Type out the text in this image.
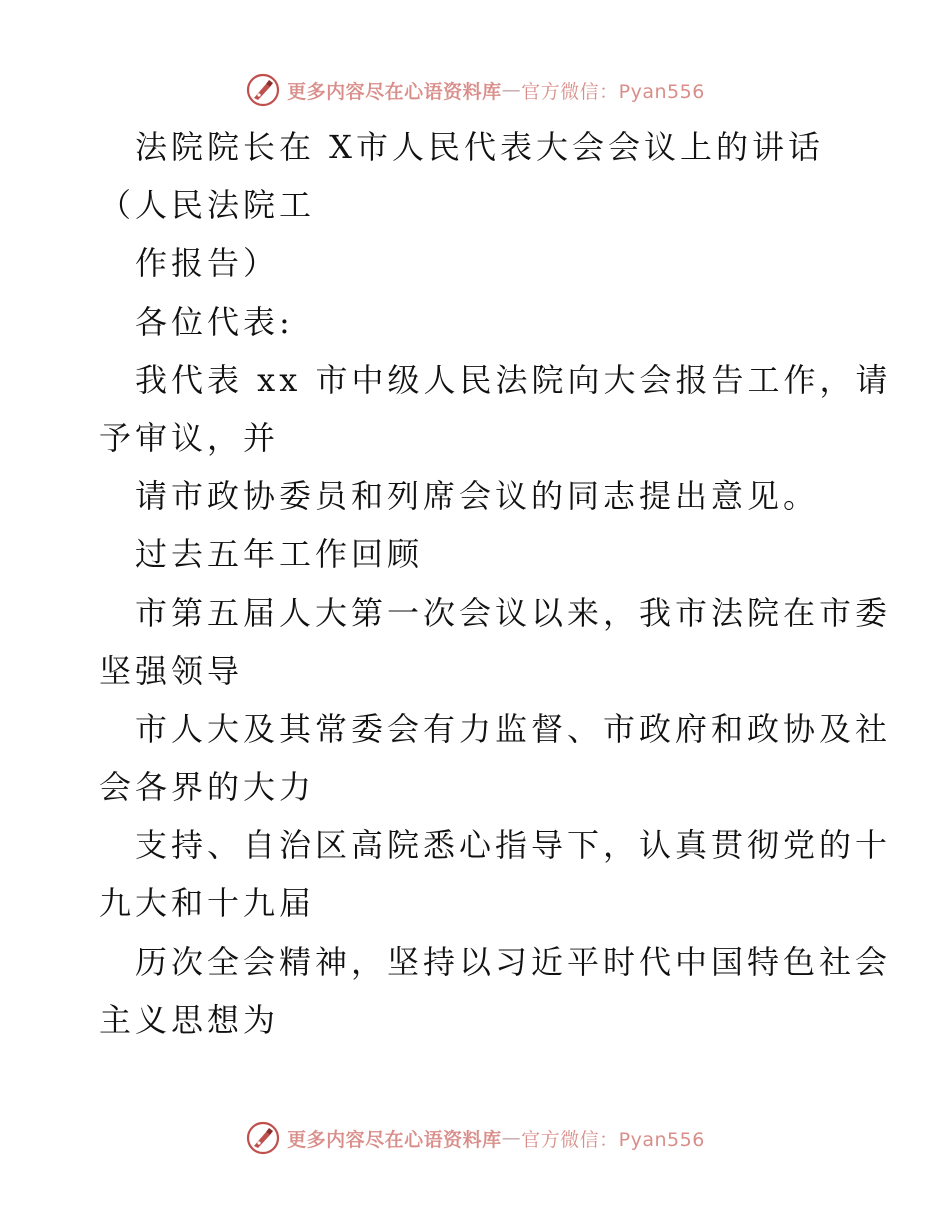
更多内容尽在心语资料库 — 官方微信：Pyan556
法院院长在 X市人民代表大会会议上的讲话
（人民法院工
作报告）
各位代表:
我代表 xx 市中级人民法院向大会报告工作，请
予审议，并
请市政协委员和列席会议的同志提出意见。
过去五年工作回顾
市第五届人大第一次会议以来，我市法院在市委
坚强领导
市人大及其常委会有力监督、市政府和政协及社
会各界的大力
支持、自治区高院悉心指导下，认真贯彻党的十
九大和十九届
历次全会精神，坚持以习近平时代中国特色社会
主义思想为
更多内容尽在心语资料库 — 官方微信：Pyan556
